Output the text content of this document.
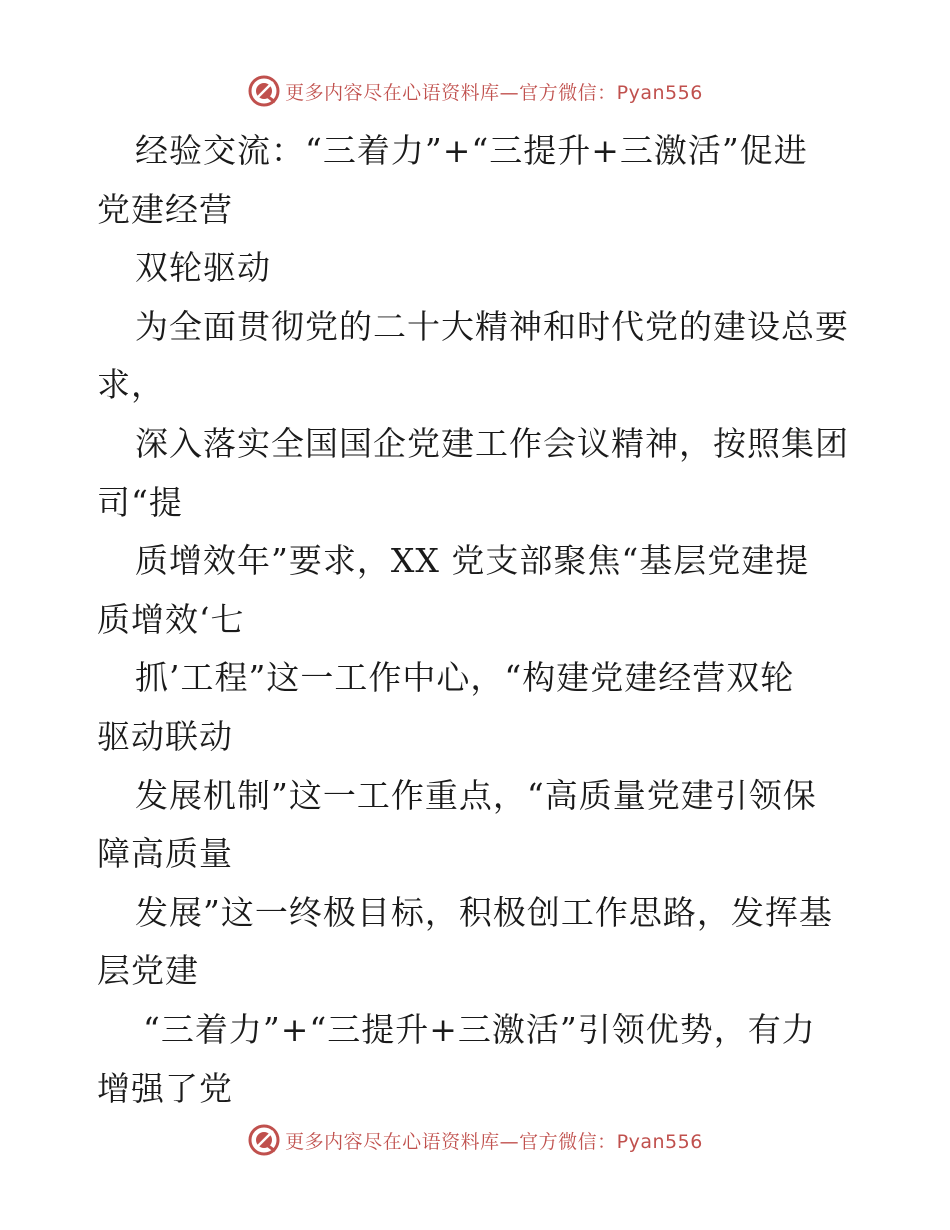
更多内容尽在心语资料库—官方微信：Pyan556
经验交流：“三着力”+“三提升+三激活”促进
党建经营
双轮驱动
为全面贯彻党的二十大精神和时代党的建设总要
求，
深入落实全国国企党建工作会议精神，按照集团
司“提
质增效年”要求，XX 党支部聚焦“基层党建提
质增效‘七
抓’工程”这一工作中心，“构建党建经营双轮
驱动联动
发展机制”这一工作重点，“高质量党建引领保
障高质量
发展”这一终极目标，积极创工作思路，发挥基
层党建
“三着力”+“三提升+三激活”引领优势，有力
增强了党
更多内容尽在心语资料库—官方微信：Pyan556
